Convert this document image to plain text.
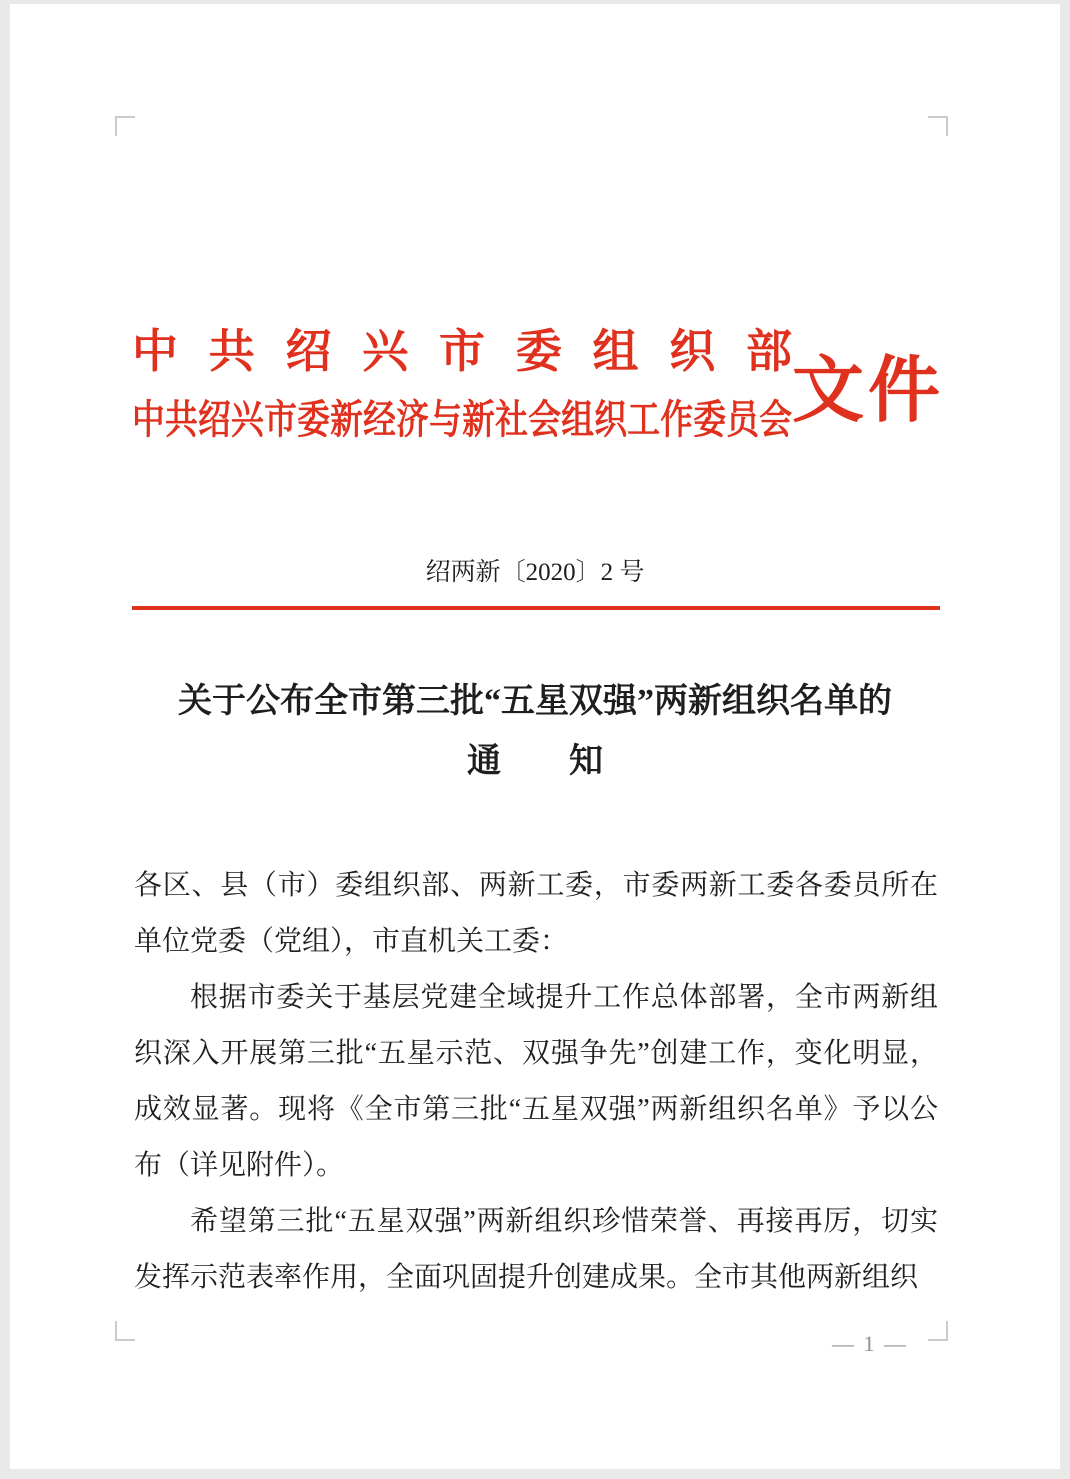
中共绍兴市委组织部
中共绍兴市委新经济与新社会组织工作委员会 文件
绍两新〔2020〕2 号
关于公布全市第三批“五星双强”两新组织名单的
通　　知

各区、县（市）委组织部、两新工委，市委两新工委各委员所在单位党委（党组），市直机关工委：

根据市委关于基层党建全域提升工作总体部署，全市两新组织深入开展第三批“五星示范、双强争先”创建工作，变化明显，成效显著。现将《全市第三批“五星双强”两新组织名单》予以公布（详见附件）。

希望第三批“五星双强”两新组织珍惜荣誉、再接再厉，切实发挥示范表率作用，全面巩固提升创建成果。全市其他两新组织

— 1 —
